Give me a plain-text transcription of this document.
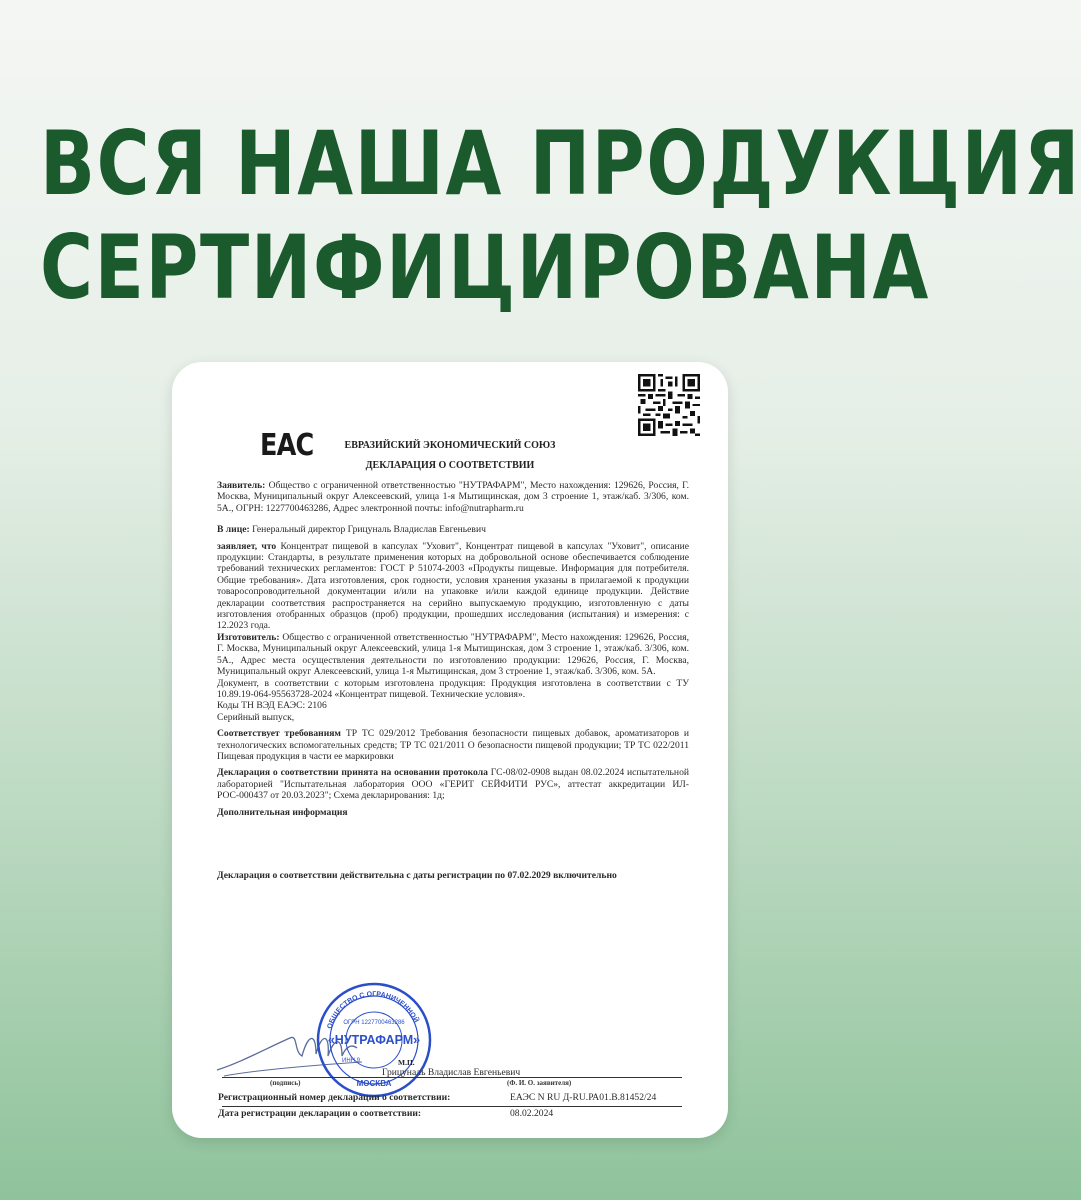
ВСЯ НАША ПРОДУКЦИЯ
СЕРТИФИЦИРОВАНА
EAC	ЕВРАЗИЙСКИЙ ЭКОНОМИЧЕСКИЙ СОЮЗ
ДЕКЛАРАЦИЯ О СООТВЕТСТВИИ

Заявитель: Общество с ограниченной ответственностью "НУТРАФАРМ", Место нахождения: 129626, Россия, Г. Москва, Муниципальный округ Алексеевский, улица 1-я Мытищинская, дом 3 строение 1, этаж/каб. 3/306, ком. 5А., ОГРН: 1227700463286, Адрес электронной почты: info@nutrapharm.ru

В лице: Генеральный директор Грицуналь Владислав Евгеньевич

заявляет, что Концентрат пищевой в капсулах "Уховит", Концентрат пищевой в капсулах "Уховит", описание продукции: Стандарты, в результате применения которых на добровольной основе обеспечивается соблюдение требований технических регламентов: ГОСТ Р 51074-2003 «Продукты пищевые. Информация для потребителя. Общие требования». Дата изготовления, срок годности, условия хранения указаны в прилагаемой к продукции товаросопроводительной документации и/или на упаковке и/или каждой единице продукции. Действие декларации соответствия распространяется на серийно выпускаемую продукцию, изготовленную с даты изготовления отобранных образцов (проб) продукции, прошедших исследования (испытания) и измерения: с 12.2023 года.

Изготовитель: Общество с ограниченной ответственностью "НУТРАФАРМ", Место нахождения: 129626, Россия, Г. Москва, Муниципальный округ Алексеевский, улица 1-я Мытищинская, дом 3 строение 1, этаж/каб. 3/306, ком. 5А., Адрес места осуществления деятельности по изготовлению продукции: 129626, Россия, Г. Москва, Муниципальный округ Алексеевский, улица 1-я Мытищинская, дом 3 строение 1, этаж/каб. 3/306, ком. 5А.

Документ, в соответствии с которым изготовлена продукция: Продукция изготовлена в соответствии с ТУ 10.89.19-064-95563728-2024 «Концентрат пищевой. Технические условия».

Коды ТН ВЭД ЕАЭС: 2106

Серийный выпуск,

Соответствует требованиям ТР ТС 029/2012 Требования безопасности пищевых добавок, ароматизаторов и технологических вспомогательных средств; ТР ТС 021/2011 О безопасности пищевой продукции; ТР ТС 022/2011 Пищевая продукция в части ее маркировки

Декларация о соответствии принята на основании протокола ГС-08/02-0908 выдан 08.02.2024 испытательной лабораторией "Испытательная лаборатория ООО «ГЕРИТ СЕЙФИТИ РУС», аттестат аккредитации ИЛ-РОС-000437 от 20.03.2023"; Схема декларирования: 1д;

Дополнительная информация

Декларация о соответствии действительна с даты регистрации по 07.02.2029 включительно
ОБЩЕСТВО С ОГРАНИЧЕННОЙ
ОГРН 1227700463286
«НУТРАФАРМ»
ИНН 9
МОСКВА
М.П.
Грицуналь Владислав Евгеньевич
(подпись)	(Ф. И. О. заявителя)
Регистрационный номер декларации о соответствии:	ЕАЭС N RU Д-RU.РА01.В.81452/24
Дата регистрации декларации о соответствии:	08.02.2024
